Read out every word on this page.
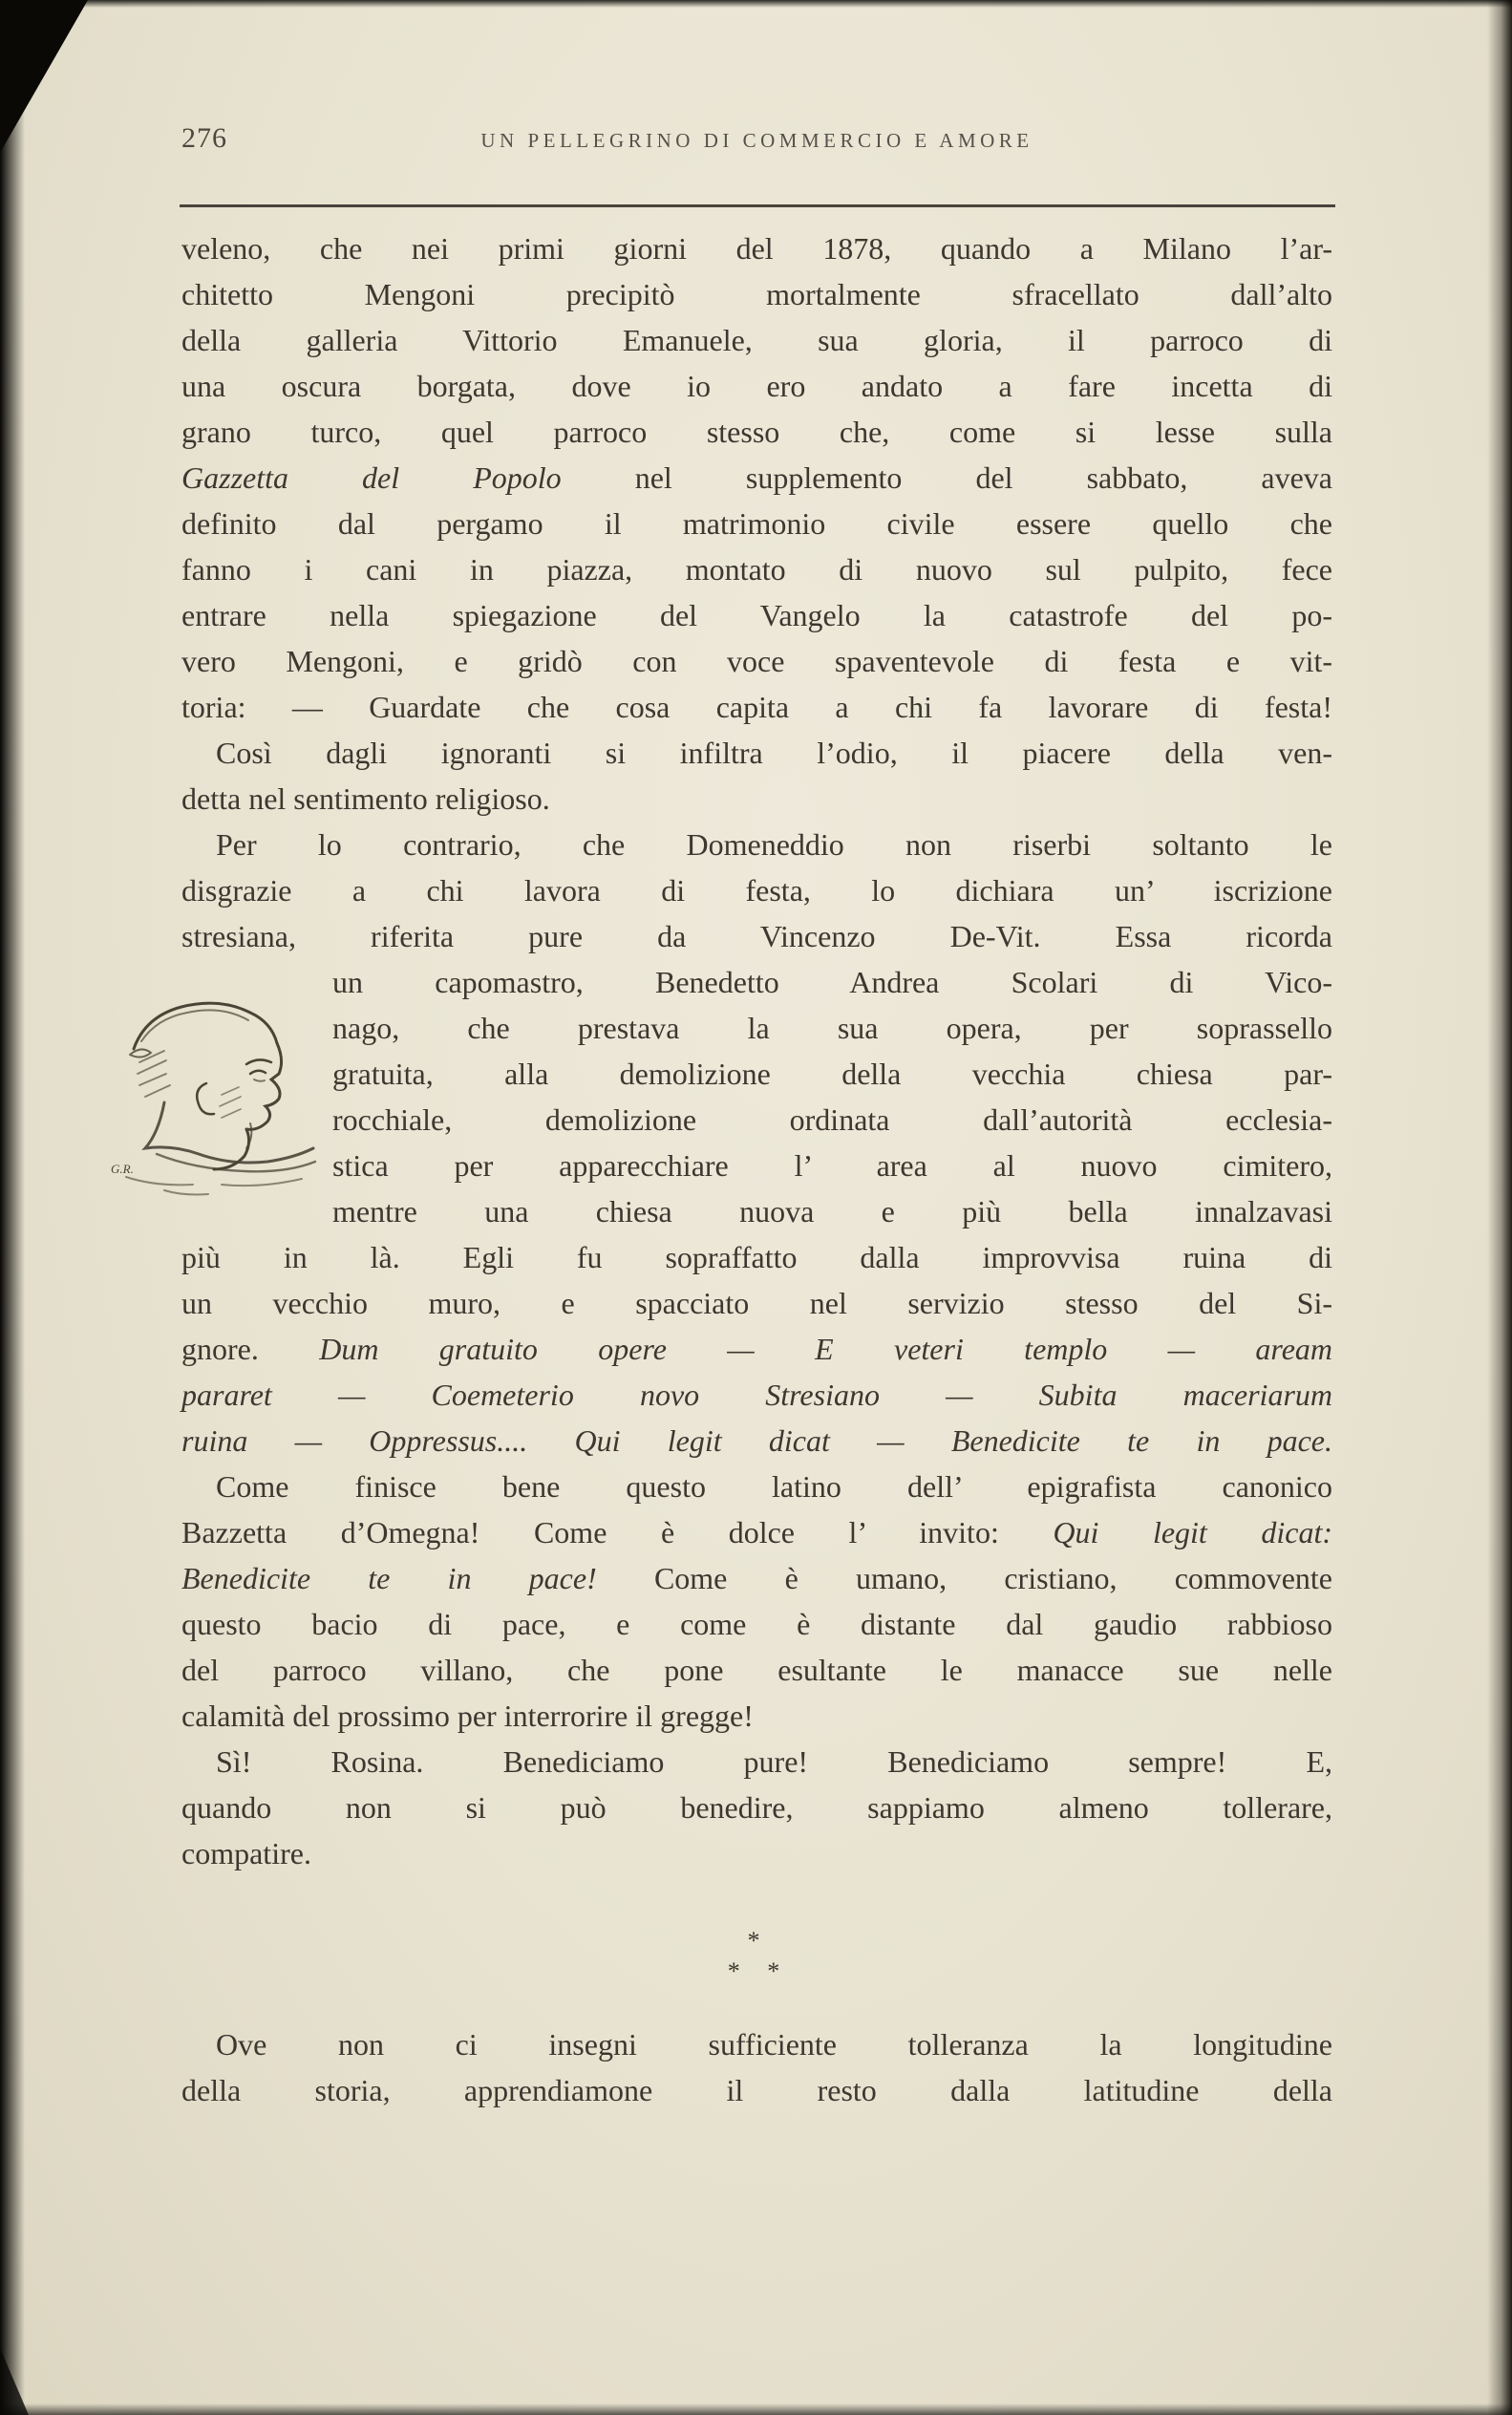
276	UN PELLEGRINO DI COMMERCIO E AMORE
veleno, che nei primi giorni del 1878, quando a Milano l’ar-
chitetto Mengoni precipitò mortalmente sfracellato dall’alto
della galleria Vittorio Emanuele, sua gloria, il parroco di
una oscura borgata, dove io ero andato a fare incetta di
grano turco, quel parroco stesso che, come si lesse sulla
Gazzetta del Popolo nel supplemento del sabbato, aveva
definito dal pergamo il matrimonio civile essere quello che
fanno i cani in piazza, montato di nuovo sul pulpito, fece
entrare nella spiegazione del Vangelo la catastrofe del po-
vero Mengoni, e gridò con voce spaventevole di festa e vit-
toria: — Guardate che cosa capita a chi fa lavorare di festa!
Così dagli ignoranti si infiltra l’odio, il piacere della ven-
detta nel sentimento religioso.
Per lo contrario, che Domeneddio non riserbi soltanto le
disgrazie a chi lavora di festa, lo dichiara un’ iscrizione
stresiana, riferita pure da Vincenzo De-Vit. Essa ricorda
un capomastro, Benedetto Andrea Scolari di Vico-
nago, che prestava la sua opera, per soprassello
gratuita, alla demolizione della vecchia chiesa par-
rocchiale, demolizione ordinata dall’autorità ecclesia-
stica per apparecchiare l’ area al nuovo cimitero,
mentre una chiesa nuova e più bella innalzavasi
più in là. Egli fu sopraffatto dalla improvvisa ruina di
un vecchio muro, e spacciato nel servizio stesso del Si-
gnore. Dum gratuito opere — E veteri templo — aream
pararet — Coemeterio novo Stresiano — Subita maceriarum
ruina — Oppressus.... Qui legit dicat — Benedicite te in pace.
Come finisce bene questo latino dell’ epigrafista canonico
Bazzetta d’Omegna! Come è dolce l’ invito: Qui legit dicat:
Benedicite te in pace! Come è umano, cristiano, commovente
questo bacio di pace, e come è distante dal gaudio rabbioso
del parroco villano, che pone esultante le manacce sue nelle
calamità del prossimo per interrorire il gregge!
Sì! Rosina. Benediciamo pure! Benediciamo sempre! E,
quando non si può benedire, sappiamo almeno tollerare,
compatire.
*
* *
Ove non ci insegni sufficiente tolleranza la longitudine
della storia, apprendiamone il resto dalla latitudine della
G.R.
